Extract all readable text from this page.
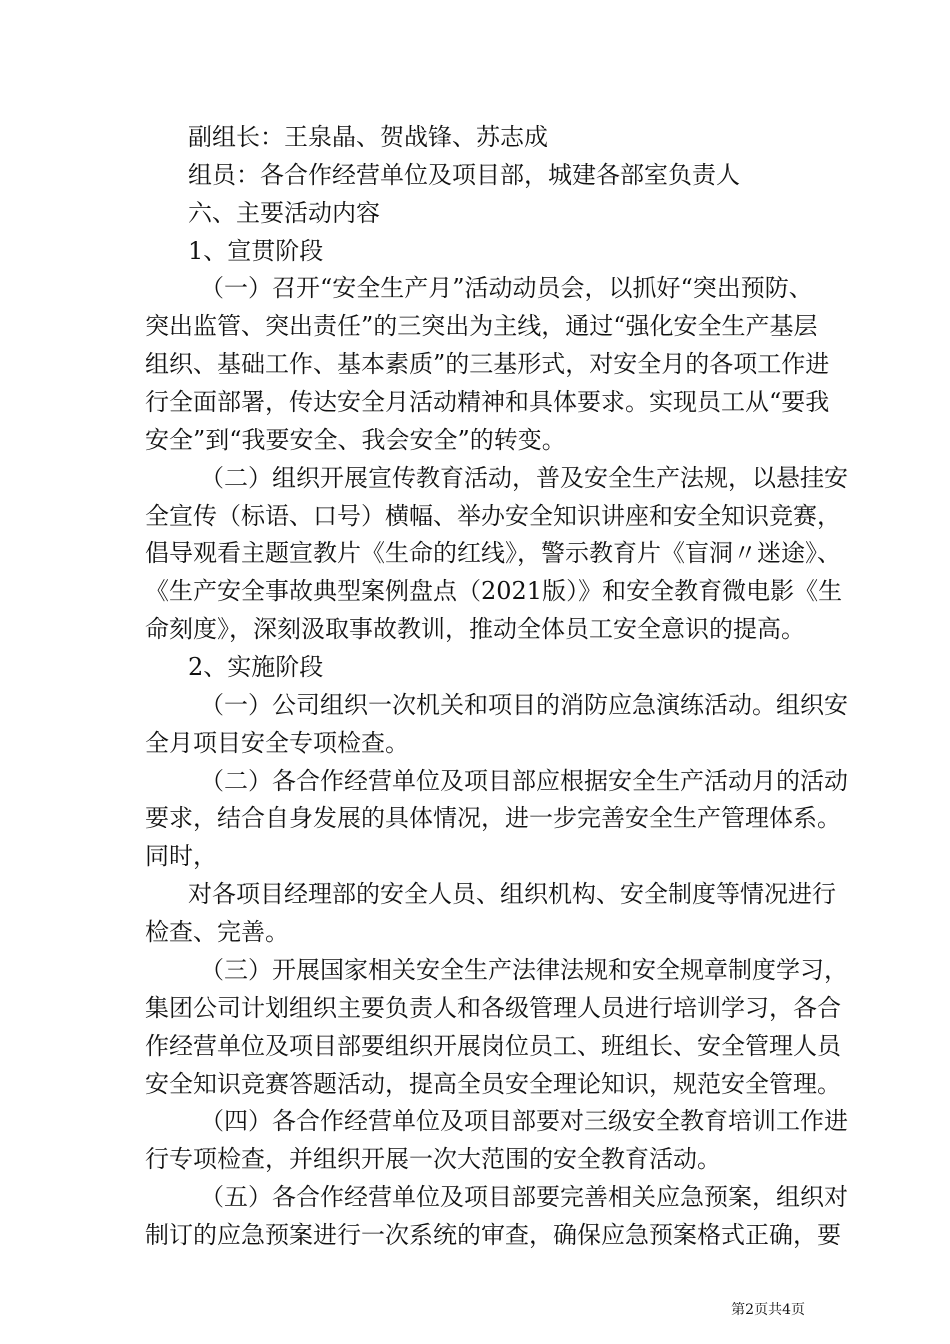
副组长：王泉晶、贺战锋、苏志成
组员：各合作经营单位及项目部，城建各部室负责人
六、主要活动内容
1、宣贯阶段
（一）召开“安全生产月”活动动员会，以抓好“突出预防、
突出监管、突出责任”的三突出为主线，通过“强化安全生产基层
组织、基础工作、基本素质”的三基形式，对安全月的各项工作进
行全面部署，传达安全月活动精神和具体要求。实现员工从“要我
安全”到“我要安全、我会安全”的转变。
（二）组织开展宣传教育活动，普及安全生产法规，以悬挂安
全宣传（标语、口号）横幅、举办安全知识讲座和安全知识竞赛，
倡导观看主题宣教片《生命的红线》，警示教育片《盲洞〃迷途》、
《生产安全事故典型案例盘点（2021版）》和安全教育微电影《生
命刻度》，深刻汲取事故教训，推动全体员工安全意识的提高。
2、实施阶段
（一）公司组织一次机关和项目的消防应急演练活动。组织安
全月项目安全专项检查。
（二）各合作经营单位及项目部应根据安全生产活动月的活动
要求，结合自身发展的具体情况，进一步完善安全生产管理体系。
同时，
对各项目经理部的安全人员、组织机构、安全制度等情况进行
检查、完善。
（三）开展国家相关安全生产法律法规和安全规章制度学习，
集团公司计划组织主要负责人和各级管理人员进行培训学习，各合
作经营单位及项目部要组织开展岗位员工、班组长、安全管理人员
安全知识竞赛答题活动，提高全员安全理论知识，规范安全管理。
（四）各合作经营单位及项目部要对三级安全教育培训工作进
行专项检查，并组织开展一次大范围的安全教育活动。
（五）各合作经营单位及项目部要完善相关应急预案，组织对
制订的应急预案进行一次系统的审查，确保应急预案格式正确，要
第2页共4页
